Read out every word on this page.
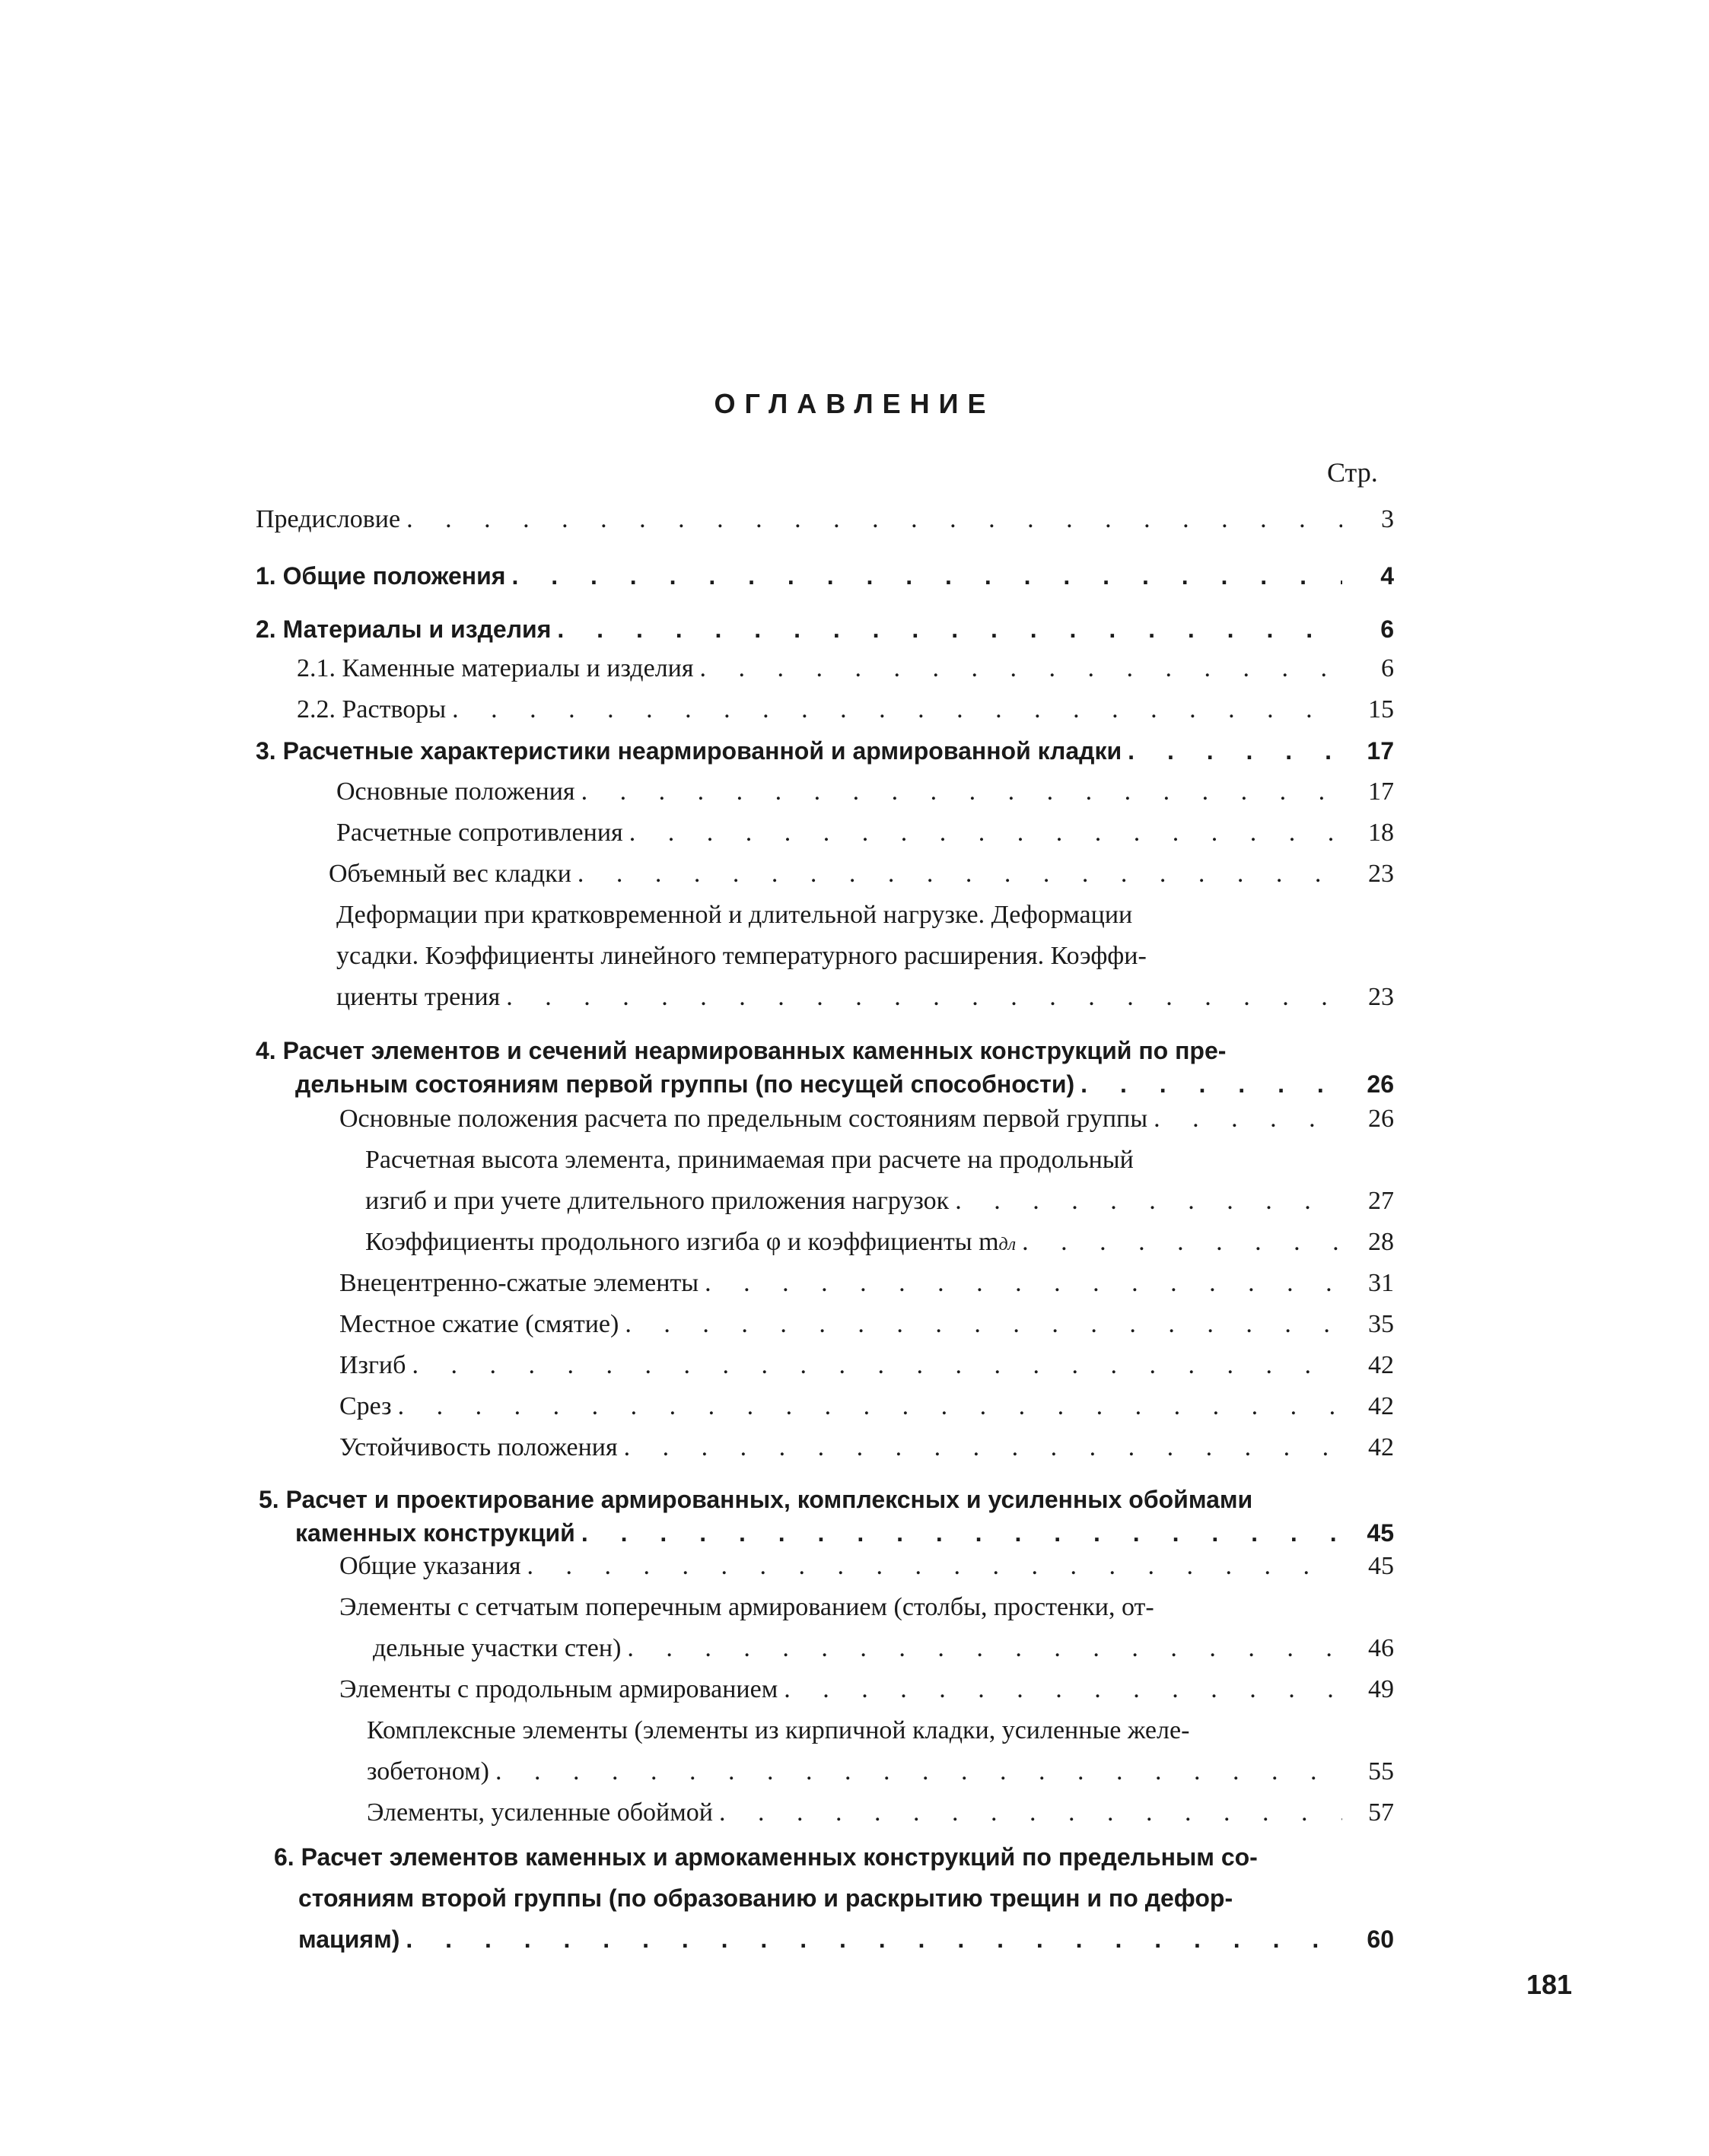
ОГЛАВЛЕНИЕ
Стр.
Предисловие . . .	3
1. Общие положения . . .	4
2. Материалы и изделия . . .	6
2.1. Каменные материалы и изделия . . .	6
2.2. Растворы . . .	15
3. Расчетные характеристики неармированной и армированной кладки . . .	17
Основные положения . . .	17
Расчетные сопротивления . . .	18
Объемный вес кладки . . .	23
Деформации при кратковременной и длительной нагрузке. Деформации
усадки. Коэффициенты линейного температурного расширения. Коэффи-
циенты трения . . .	23
4. Расчет элементов и сечений неармированных каменных конструкций по пре-
дельным состояниям первой группы (по несущей способности) . . .	26
Основные положения расчета по предельным состояниям первой группы . . .	26
Расчетная высота элемента, принимаемая при расчете на продольный
изгиб и при учете длительного приложения нагрузок . . .	27
Коэффициенты продольного изгиба φ и коэффициенты m дл . . .	28
Внецентренно-сжатые элементы . . .	31
Местное сжатие (смятие) . . .	35
Изгиб . . .	42
Срез . . .	42
Устойчивость положения . . .	42
5. Расчет и проектирование армированных, комплексных и усиленных обоймами
каменных конструкций . . .	45
Общие указания . . .	45
Элементы с сетчатым поперечным армированием (столбы, простенки, от-
дельные участки стен) . . .	46
Элементы с продольным армированием . . .	49
Комплексные элементы (элементы из кирпичной кладки, усиленные желе-
зобетоном) . . .	55
Элементы, усиленные обоймой . . .	57
6. Расчет элементов каменных и армокаменных конструкций по предельным со-
стояниям второй группы (по образованию и раскрытию трещин и по дефор-
мациям) . . .	60
181
